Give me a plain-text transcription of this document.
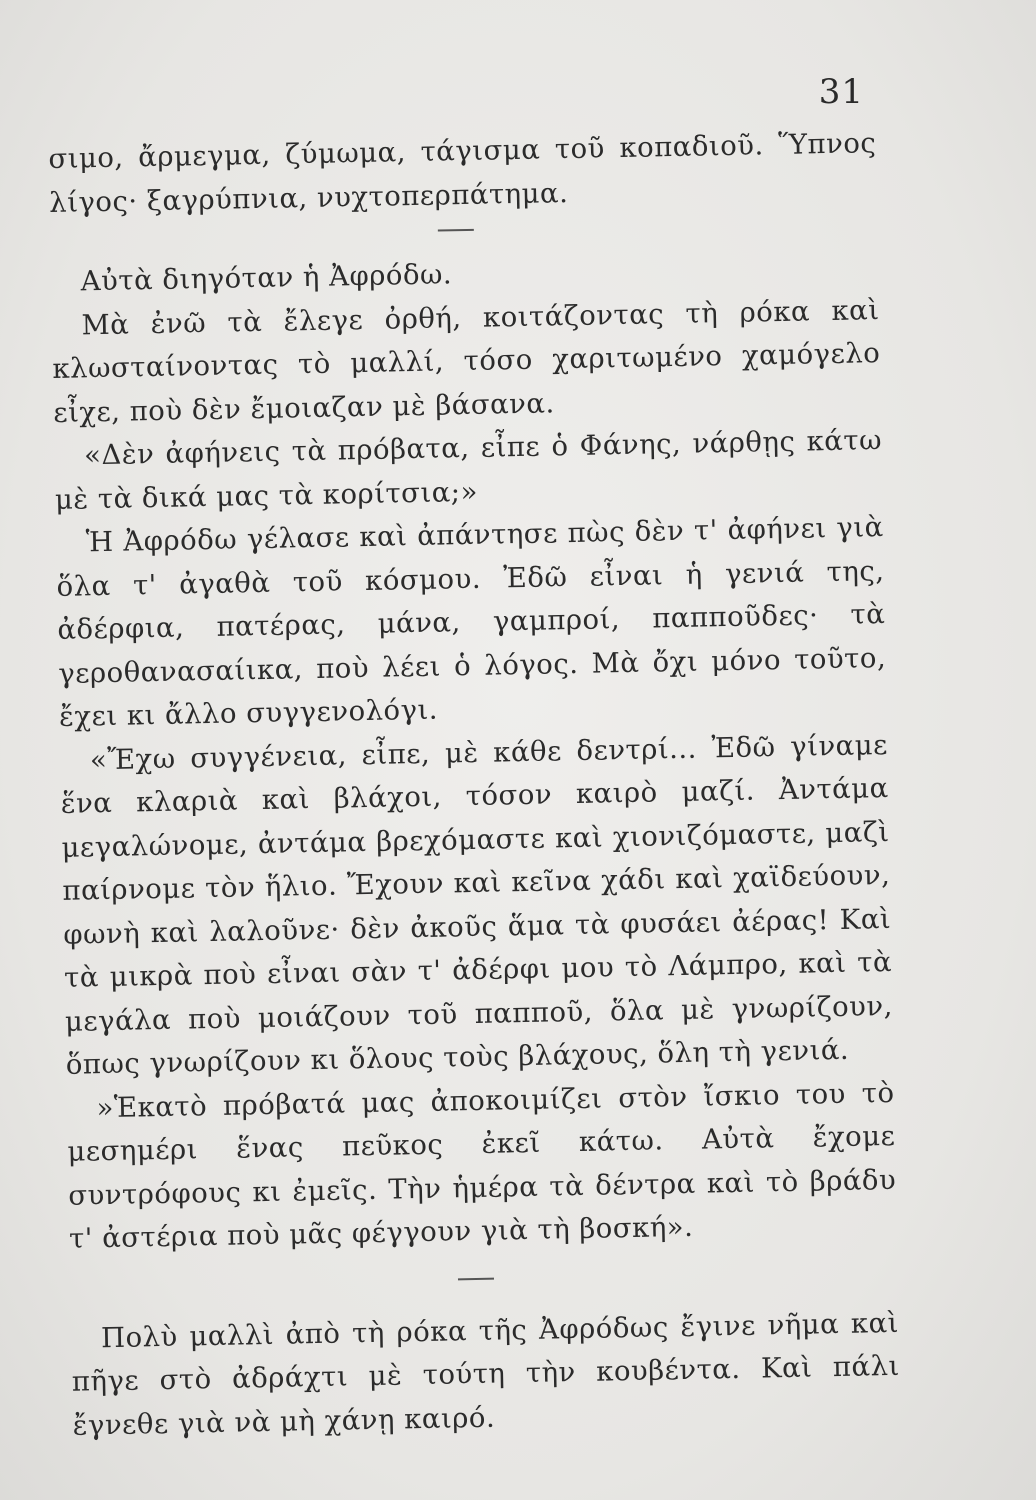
31

σιμο, ἄρμεγμα, ζύμωμα, τάγισμα τοῦ κοπαδιοῦ. Ὕπνος λίγος· ξαγρύπνια, νυχτοπερπάτημα.

Αὐτὰ διηγόταν ἡ Ἀφρόδω.

Μὰ ἐνῶ τὰ ἔλεγε ὀρθή, κοιτάζοντας τὴ ρόκα καὶ κλωσταίνοντας τὸ μαλλί, τόσο χαριτωμένο χαμόγελο εἶχε, ποὺ δὲν ἔμοιαζαν μὲ βάσανα.

«Δὲν ἀφήνεις τὰ πρόβατα, εἶπε ὁ Φάνης, νάρθῃς κάτω μὲ τὰ δικά μας τὰ κορίτσια;»

Ἡ Ἀφρόδω γέλασε καὶ ἀπάντησε πὼς δὲν τ' ἀφήνει γιὰ ὅλα τ' ἀγαθὰ τοῦ κόσμου. Ἐδῶ εἶναι ἡ γενιά της, ἀδέρφια, πατέρας, μάνα, γαμπροί, παπποῦδες· τὰ γεροθανασαίικα, ποὺ λέει ὁ λόγος. Μὰ ὄχι μόνο τοῦτο, ἔχει κι ἄλλο συγγενολόγι.

«Ἔχω συγγένεια, εἶπε, μὲ κάθε δεντρί... Ἐδῶ γίναμε ἕνα κλαριὰ καὶ βλάχοι, τόσον καιρὸ μαζί. Ἀντάμα μεγαλώνομε, ἀντάμα βρεχόμαστε καὶ χιονιζόμαστε, μαζὶ παίρνομε τὸν ἥλιο. Ἔχουν καὶ κεῖνα χάδι καὶ χαϊδεύουν, φωνὴ καὶ λαλοῦνε· δὲν ἀκοῦς ἅμα τὰ φυσάει ἀέρας! Καὶ τὰ μικρὰ ποὺ εἶναι σὰν τ' ἀδέρφι μου τὸ Λάμπρο, καὶ τὰ μεγάλα ποὺ μοιάζουν τοῦ παπποῦ, ὅλα μὲ γνωρίζουν, ὅπως γνωρίζουν κι ὅλους τοὺς βλάχους, ὅλη τὴ γενιά.

»Ἑκατὸ πρόβατά μας ἀποκοιμίζει στὸν ἴσκιο του τὸ μεσημέρι ἕνας πεῦκος ἐκεῖ κάτω. Αὐτὰ ἔχομε συντρόφους κι ἐμεῖς. Τὴν ἡμέρα τὰ δέντρα καὶ τὸ βράδυ τ' ἀστέρια ποὺ μᾶς φέγγουν γιὰ τὴ βοσκή».

Πολὺ μαλλὶ ἀπὸ τὴ ρόκα τῆς Ἀφρόδως ἔγινε νῆμα καὶ πῆγε στὸ ἀδράχτι μὲ τούτη τὴν κουβέντα. Καὶ πάλι ἔγνεθε γιὰ νὰ μὴ χάνῃ καιρό.
